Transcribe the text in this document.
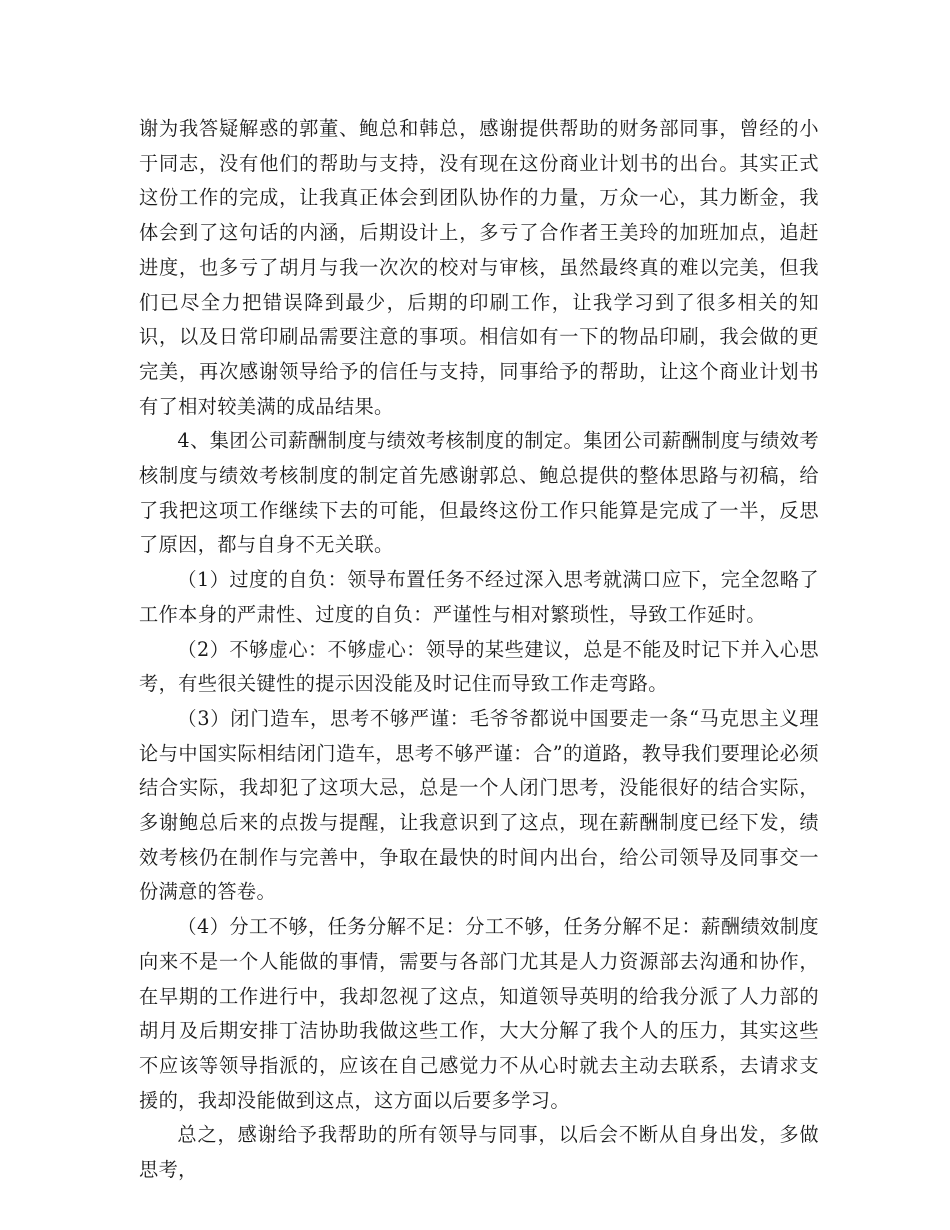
谢为我答疑解惑的郭董、鲍总和韩总，感谢提供帮助的财务部同事，曾经的小于同志，没有他们的帮助与支持，没有现在这份商业计划书的出台。其实正式这份工作的完成，让我真正体会到团队协作的力量，万众一心，其力断金，我体会到了这句话的内涵，后期设计上，多亏了合作者王美玲的加班加点，追赶进度，也多亏了胡月与我一次次的校对与审核，虽然最终真的难以完美，但我们已尽全力把错误降到最少，后期的印刷工作，让我学习到了很多相关的知识，以及日常印刷品需要注意的事项。相信如有一下的物品印刷，我会做的更完美，再次感谢领导给予的信任与支持，同事给予的帮助，让这个商业计划书有了相对较美满的成品结果。

4、集团公司薪酬制度与绩效考核制度的制定。集团公司薪酬制度与绩效考核制度与绩效考核制度的制定首先感谢郭总、鲍总提供的整体思路与初稿，给了我把这项工作继续下去的可能，但最终这份工作只能算是完成了一半，反思了原因，都与自身不无关联。

（1）过度的自负：领导布置任务不经过深入思考就满口应下，完全忽略了工作本身的严肃性、过度的自负：严谨性与相对繁琐性，导致工作延时。

（2）不够虚心：不够虚心：领导的某些建议，总是不能及时记下并入心思考，有些很关键性的提示因没能及时记住而导致工作走弯路。

（3）闭门造车，思考不够严谨：毛爷爷都说中国要走一条“马克思主义理论与中国实际相结闭门造车，思考不够严谨：合”的道路，教导我们要理论必须结合实际，我却犯了这项大忌，总是一个人闭门思考，没能很好的结合实际，多谢鲍总后来的点拨与提醒，让我意识到了这点，现在薪酬制度已经下发，绩效考核仍在制作与完善中，争取在最快的时间内出台，给公司领导及同事交一份满意的答卷。

（4）分工不够，任务分解不足：分工不够，任务分解不足：薪酬绩效制度向来不是一个人能做的事情，需要与各部门尤其是人力资源部去沟通和协作，在早期的工作进行中，我却忽视了这点，知道领导英明的给我分派了人力部的胡月及后期安排丁洁协助我做这些工作，大大分解了我个人的压力，其实这些不应该等领导指派的，应该在自己感觉力不从心时就去主动去联系，去请求支援的，我却没能做到这点，这方面以后要多学习。

总之，感谢给予我帮助的所有领导与同事，以后会不断从自身出发，多做思考，
